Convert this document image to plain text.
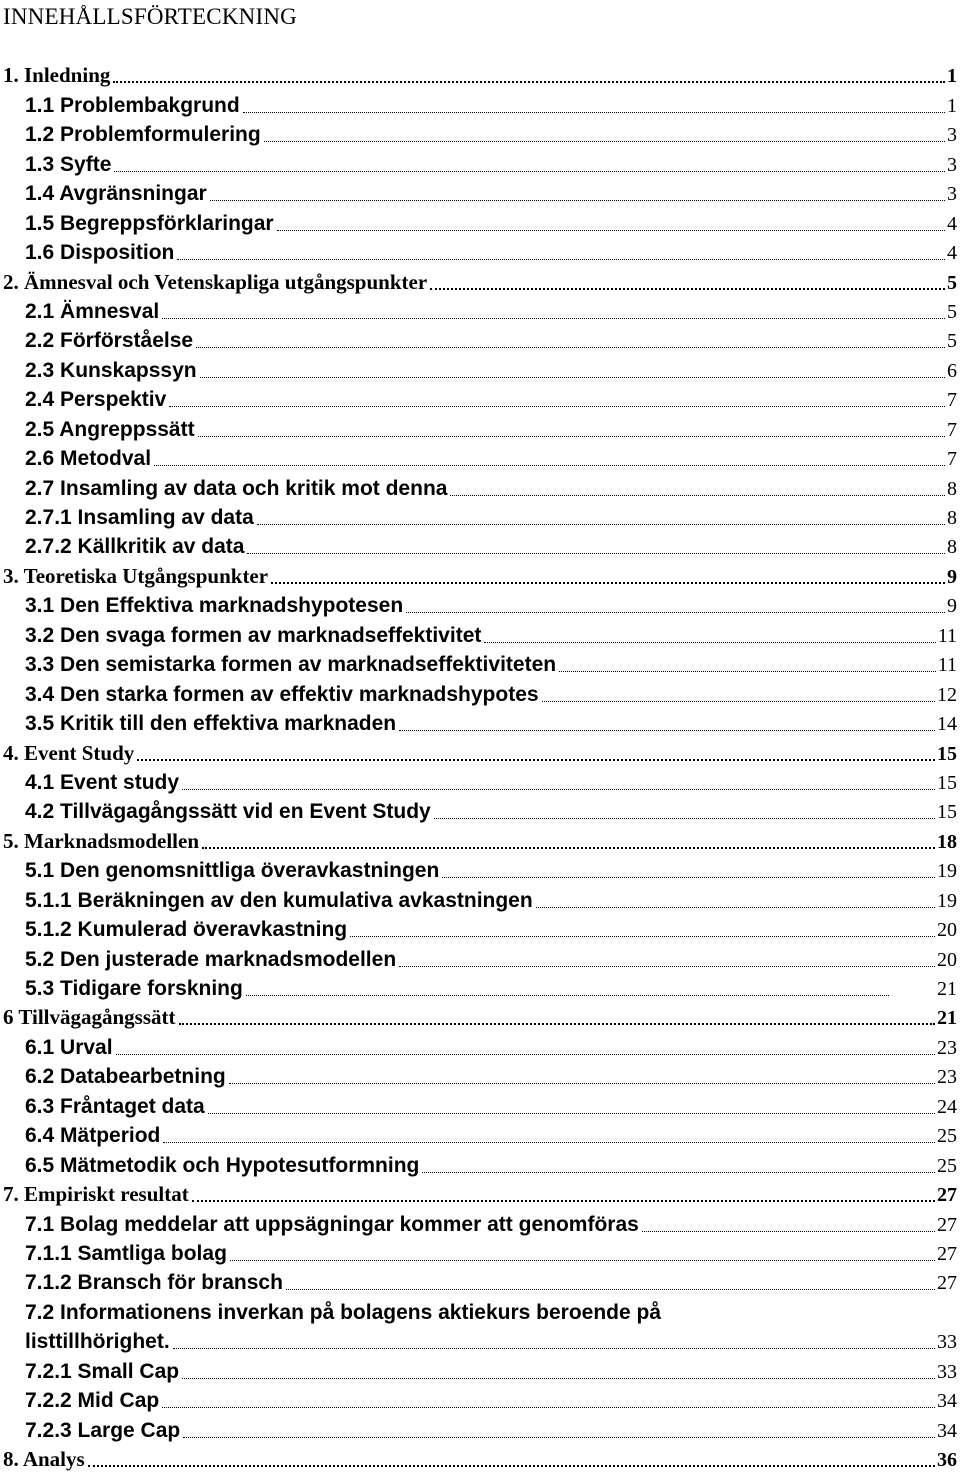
INNEHÅLLSFÖRTECKNING
1. Inledning	1
1.1 Problembakgrund	1
1.2 Problemformulering	3
1.3 Syfte	3
1.4 Avgränsningar	3
1.5 Begreppsförklaringar	4
1.6 Disposition	4
2. Ämnesval och Vetenskapliga utgångspunkter	5
2.1 Ämnesval	5
2.2 Förförståelse	5
2.3 Kunskapssyn	6
2.4 Perspektiv	7
2.5 Angreppssätt	7
2.6 Metodval	7
2.7 Insamling av data och kritik mot denna	8
2.7.1 Insamling av data	8
2.7.2 Källkritik av data	8
3. Teoretiska Utgångspunkter	9
3.1 Den Effektiva marknadshypotesen	9
3.2 Den svaga formen av marknadseffektivitet	11
3.3 Den semistarka formen av marknadseffektiviteten	11
3.4 Den starka formen av effektiv marknadshypotes	12
3.5 Kritik till den effektiva marknaden	14
4. Event Study	15
4.1 Event study	15
4.2 Tillvägagångssätt vid en Event Study	15
5. Marknadsmodellen	18
5.1 Den genomsnittliga överavkastningen	19
5.1.1 Beräkningen av den kumulativa avkastningen	19
5.1.2 Kumulerad överavkastning	20
5.2 Den justerade marknadsmodellen	20
5.3 Tidigare forskning	21
6 Tillvägagångssätt	21
6.1 Urval	23
6.2 Databearbetning	23
6.3 Fråntaget data	24
6.4 Mätperiod	25
6.5 Mätmetodik och Hypotesutformning	25
7. Empiriskt resultat	27
7.1 Bolag meddelar att uppsägningar kommer att genomföras	27
7.1.1 Samtliga bolag	27
7.1.2 Bransch för bransch	27
7.2 Informationens inverkan på bolagens aktiekurs beroende på
listtillhörighet.	33
7.2.1 Small Cap	33
7.2.2 Mid Cap	34
7.2.3 Large Cap	34
8. Analys	36
